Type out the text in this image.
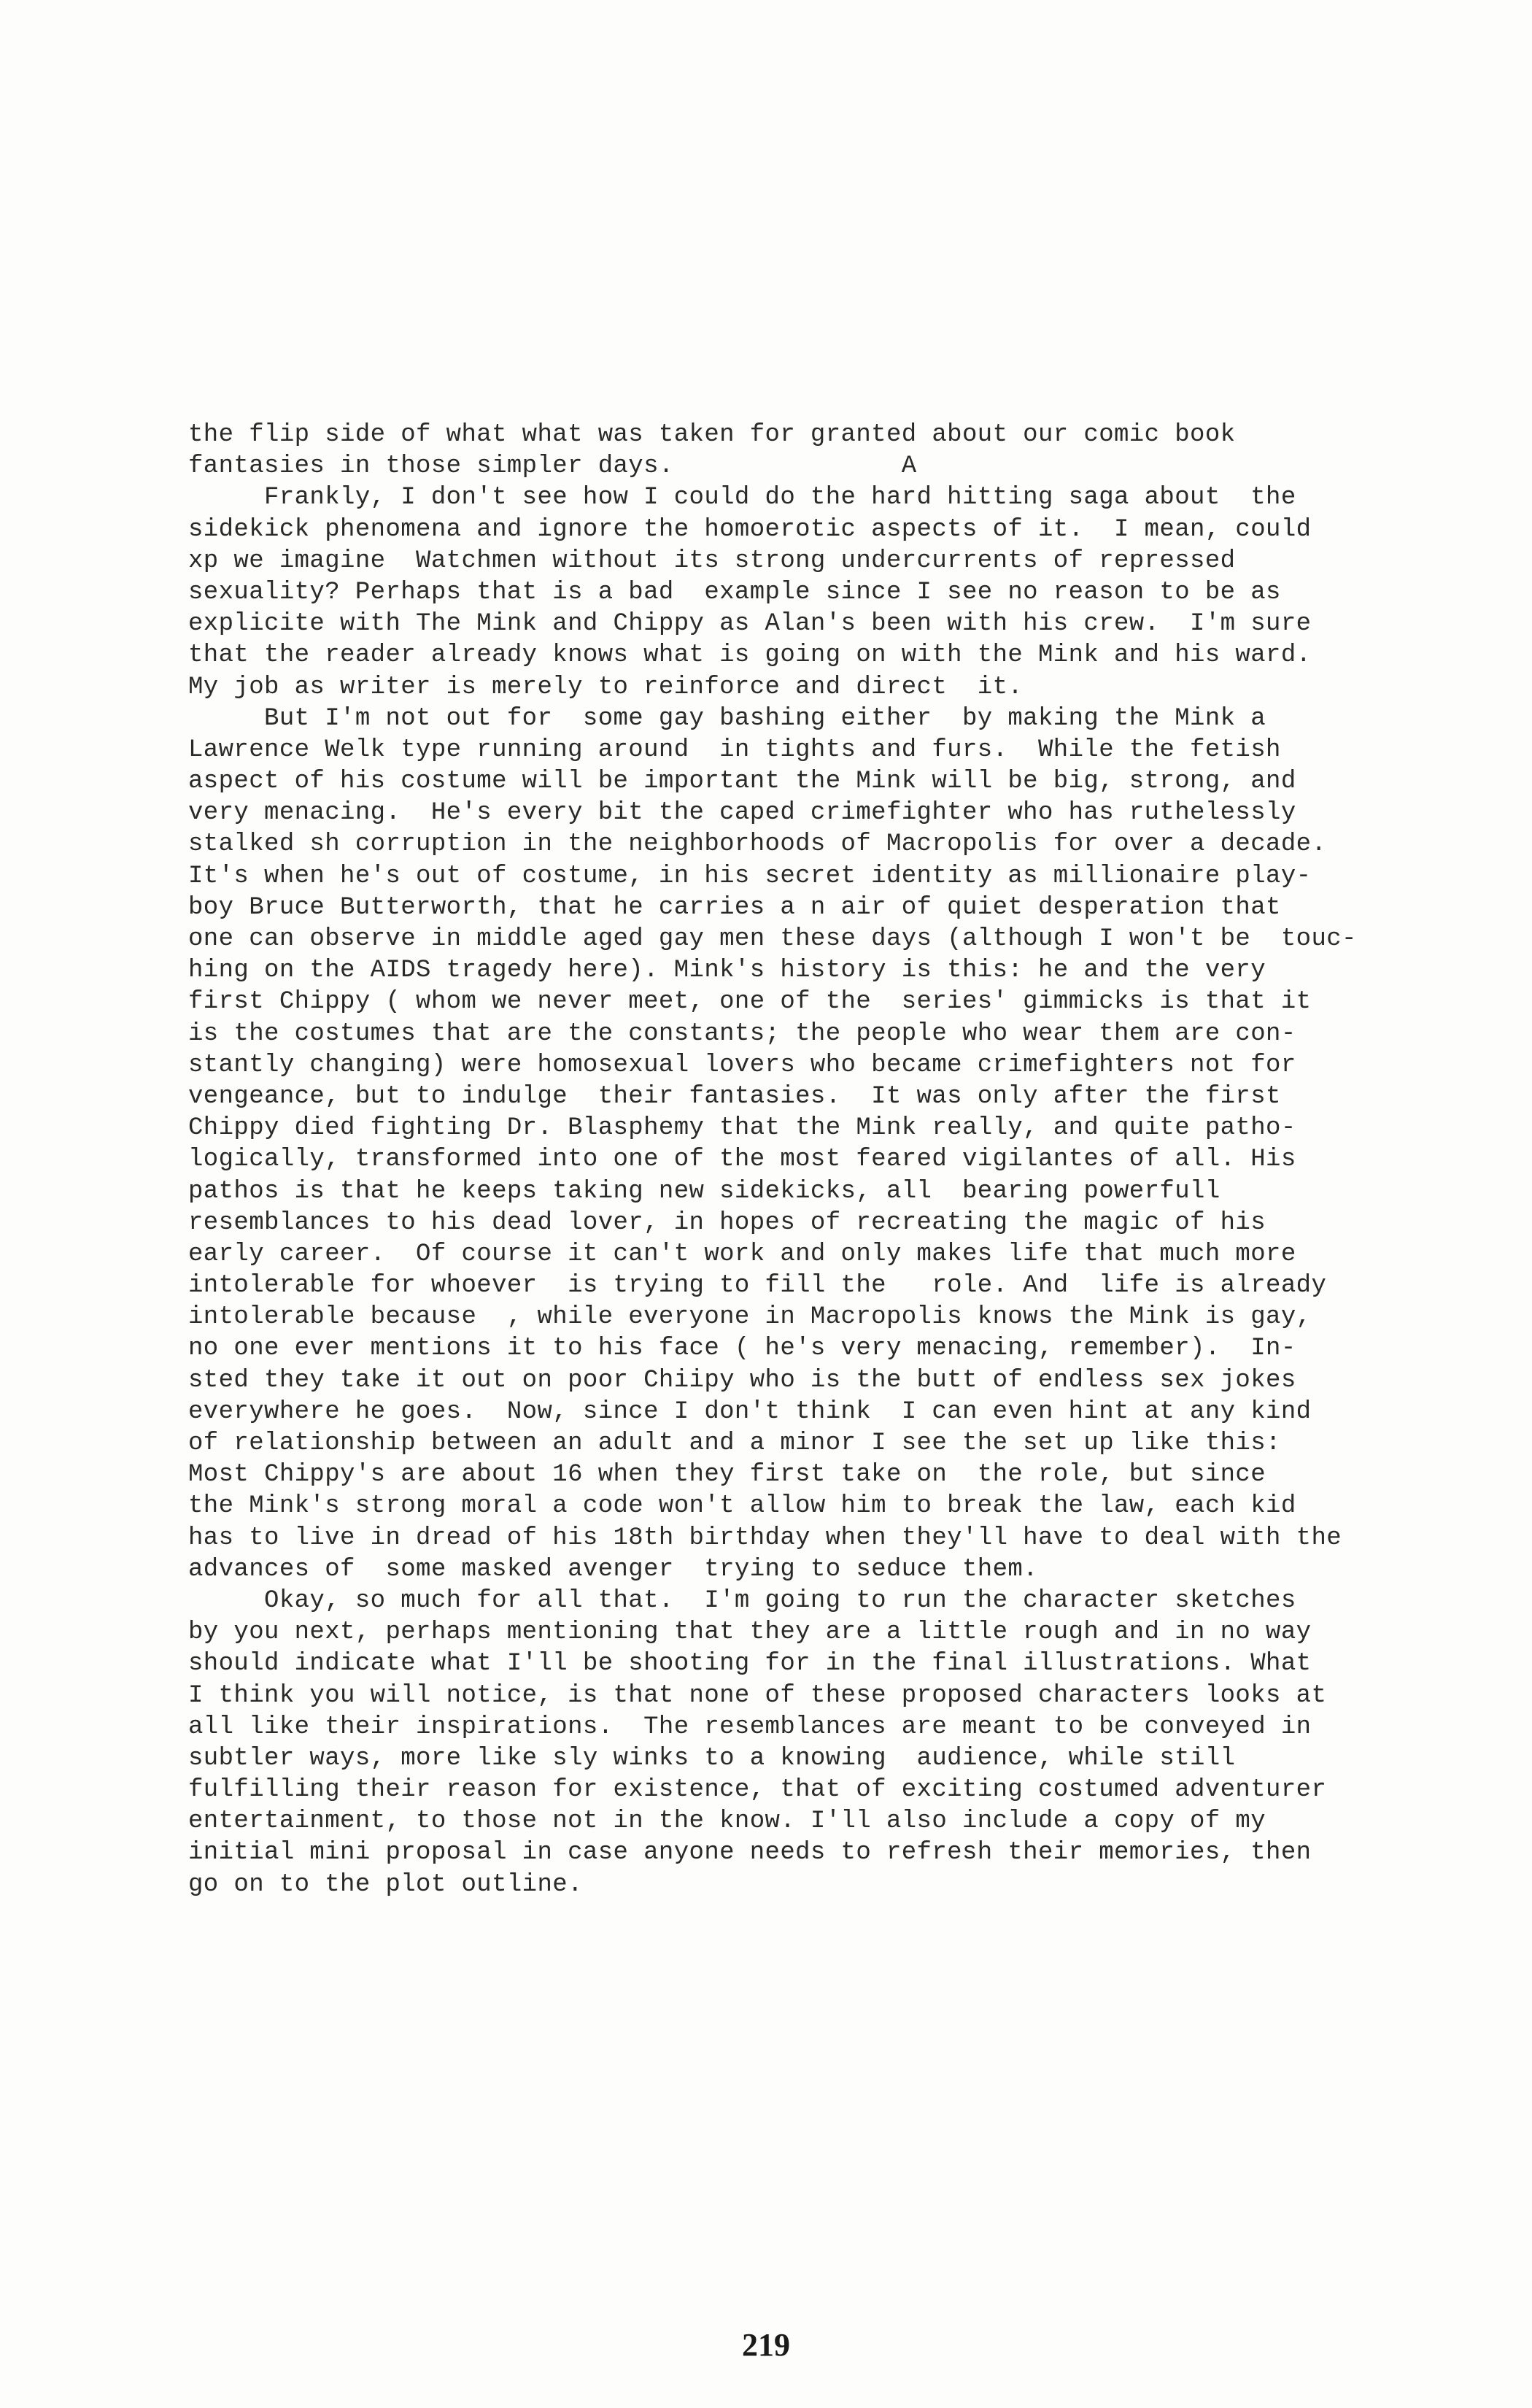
the flip side of what what was taken for granted about our comic book
fantasies in those simpler days.               A
Frankly, I don't see how I could do the hard hitting saga about  the
sidekick phenomena and ignore the homoerotic aspects of it.  I mean, could
xp we imagine  Watchmen without its strong undercurrents of repressed
sexuality? Perhaps that is a bad  example since I see no reason to be as
explicite with The Mink and Chippy as Alan's been with his crew.  I'm sure
that the reader already knows what is going on with the Mink and his ward.
My job as writer is merely to reinforce and direct  it.
But I'm not out for  some gay bashing either  by making the Mink a
Lawrence Welk type running around  in tights and furs.  While the fetish
aspect of his costume will be important the Mink will be big, strong, and
very menacing.  He's every bit the caped crimefighter who has ruthelessly
stalked sh corruption in the neighborhoods of Macropolis for over a decade.
It's when he's out of costume, in his secret identity as millionaire play-
boy Bruce Butterworth, that he carries a n air of quiet desperation that
one can observe in middle aged gay men these days (although I won't be  touc-
hing on the AIDS tragedy here). Mink's history is this: he and the very
first Chippy ( whom we never meet, one of the  series' gimmicks is that it
is the costumes that are the constants; the people who wear them are con-
stantly changing) were homosexual lovers who became crimefighters not for
vengeance, but to indulge  their fantasies.  It was only after the first
Chippy died fighting Dr. Blasphemy that the Mink really, and quite patho-
logically, transformed into one of the most feared vigilantes of all. His
pathos is that he keeps taking new sidekicks, all  bearing powerfull
resemblances to his dead lover, in hopes of recreating the magic of his
early career.  Of course it can't work and only makes life that much more
intolerable for whoever  is trying to fill the   role. And  life is already
intolerable because  , while everyone in Macropolis knows the Mink is gay,
no one ever mentions it to his face ( he's very menacing, remember).  In-
sted they take it out on poor Chiipy who is the butt of endless sex jokes
everywhere he goes.  Now, since I don't think  I can even hint at any kind
of relationship between an adult and a minor I see the set up like this:
Most Chippy's are about 16 when they first take on  the role, but since
the Mink's strong moral a code won't allow him to break the law, each kid
has to live in dread of his 18th birthday when they'll have to deal with the
advances of  some masked avenger  trying to seduce them.
Okay, so much for all that.  I'm going to run the character sketches
by you next, perhaps mentioning that they are a little rough and in no way
should indicate what I'll be shooting for in the final illustrations. What
I think you will notice, is that none of these proposed characters looks at
all like their inspirations.  The resemblances are meant to be conveyed in
subtler ways, more like sly winks to a knowing  audience, while still
fulfilling their reason for existence, that of exciting costumed adventurer
entertainment, to those not in the know. I'll also include a copy of my
initial mini proposal in case anyone needs to refresh their memories, then
go on to the plot outline.
219
